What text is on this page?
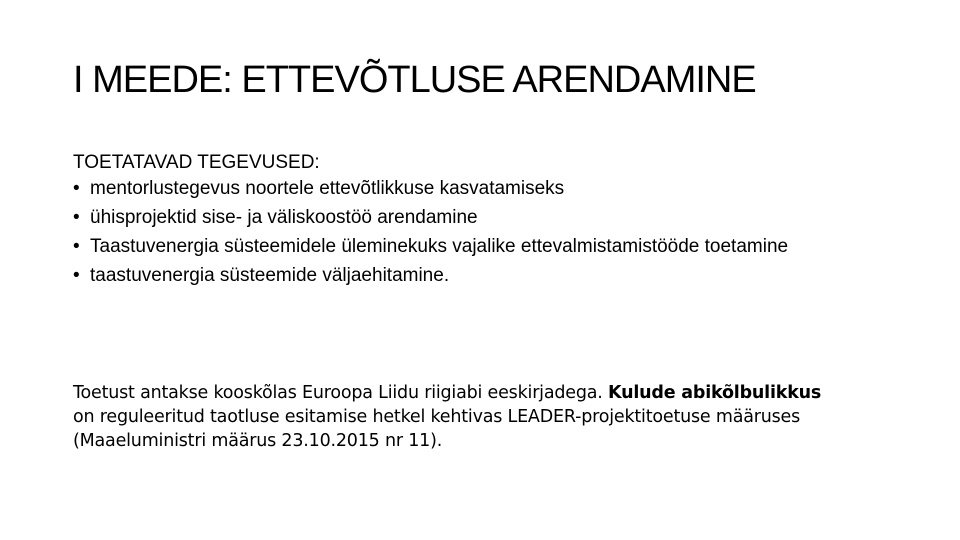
I MEEDE: ETTEVÕTLUSE ARENDAMINE

TOETATAVAD TEGEVUSED:

• mentorlustegevus noortele ettevõtlikkuse kasvatamiseks
• ühisprojektid sise- ja väliskoostöö arendamine
• Taastuvenergia süsteemidele üleminekuks vajalike ettevalmistamistööde toetamine
• taastuvenergia süsteemide väljaehitamine.

Toetust antakse kooskõlas Euroopa Liidu riigiabi eeskirjadega. Kulude abikõlbulikkus on reguleeritud taotluse esitamise hetkel kehtivas LEADER-projektitoetuse määruses (Maaeluministri määrus 23.10.2015 nr 11).
